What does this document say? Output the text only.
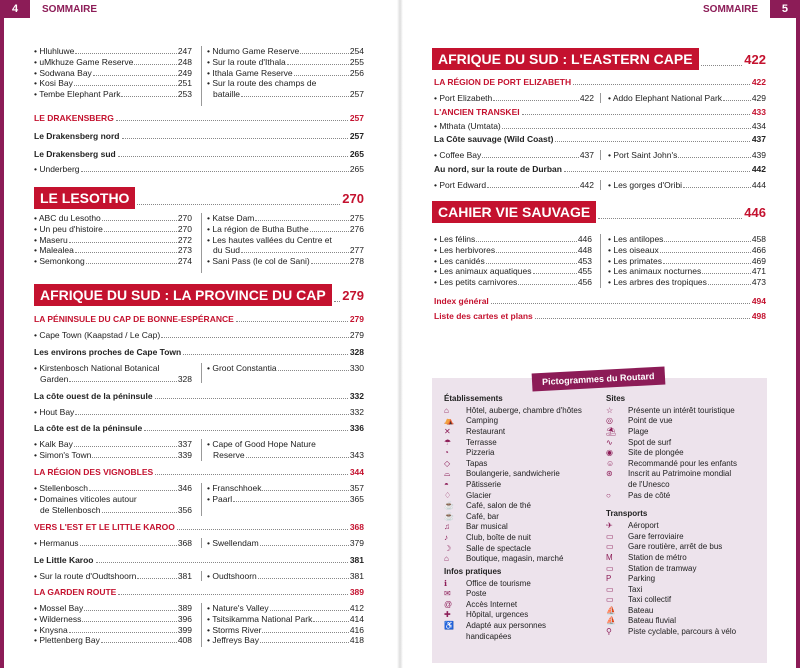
4 SOMMAIRE	5
SOMMAIRE
• Hluhluwe	247
• uMkhuze Game Reserve	248
• Sodwana Bay	249
• Kosi Bay	251
• Tembe Elephant Park	253
• Ndumo Game Reserve	254
• Sur la route d'Ithala	255
• Ithala Game Reserve	256
• Sur la route des champs de
bataille	257
LE DRAKENSBERG	257
Le Drakensberg nord	257
Le Drakensberg sud	265
• Underberg	265
LE LESOTHO	270
• ABC du Lesotho	270
• Un peu d'histoire	270
• Maseru	272
• Malealea	273
• Semonkong	274
• Katse Dam	275
• La région de Butha Buthe	276
• Les hautes vallées du Centre et
du Sud	277
• Sani Pass (le col de Sani)	278
AFRIQUE DU SUD : LA PROVINCE DU CAP	279
LA PÉNINSULE DU CAP DE BONNE-ESPÉRANCE	279
• Cape Town (Kaapstad / Le Cap)	279
Les environs proches de Cape Town	328
• Kirstenbosch National Botanical
Garden	328
• Groot Constantia	330
La côte ouest de la péninsule	332
• Hout Bay	332
La côte est de la péninsule	336
• Kalk Bay	337
• Simon's Town	339
• Cape of Good Hope Nature
Reserve	343
LA RÉGION DES VIGNOBLES	344
• Stellenbosch	346
• Domaines viticoles autour
de Stellenbosch	356
• Franschhoek	357
• Paarl	365
VERS L'EST ET LE LITTLE KAROO	368
• Hermanus	368	• Swellendam	379
Le Little Karoo	381
• Sur la route d'Oudtshoorn	381	• Oudtshoorn	381
LA GARDEN ROUTE	389
• Mossel Bay	389
• Wilderness	396
• Knysna	399
• Plettenberg Bay	408
• Nature's Valley	412
• Tsitsikamma National Park	414
• Storms River	416
• Jeffreys Bay	418
AFRIQUE DU SUD : L'EASTERN CAPE	422
LA RÉGION DE PORT ELIZABETH	422
• Port Elizabeth	422	• Addo Elephant National Park	429
L'ANCIEN TRANSKEI	433
• Mthata (Umtata)	434
La Côte sauvage (Wild Coast)	437
• Coffee Bay	437	• Port Saint John's	439
Au nord, sur la route de Durban	442
• Port Edward	442	• Les gorges d'Oribi	444
CAHIER VIE SAUVAGE	446
• Les félins	446
• Les herbivores	448
• Les canidés	453
• Les animaux aquatiques	455
• Les petits carnivores	456
• Les antilopes	458
• Les oiseaux	466
• Les primates	469
• Les animaux nocturnes	471
• Les arbres des tropiques	473
Index général	494
Liste des cartes et plans	498
Pictogrammes du Routard
Établissements
⌂	Hôtel, auberge, chambre d'hôtes
⛺	Camping
✕	Restaurant
☂	Terrasse
◔	Pizzeria
◇	Tapas
⌓	Boulangerie, sandwicherie
◓	Pâtisserie
♢	Glacier
☕	Café, salon de thé
☕	Café, bar
♫	Bar musical
♪	Club, boîte de nuit
☽	Salle de spectacle
⌂	Boutique, magasin, marché
Infos pratiques
ℹ	Office de tourisme
✉	Poste
@	Accès Internet
✚	Hôpital, urgences
♿	Adapté aux personnes
handicapées
Sites
☆	Présente un intérêt touristique
◎	Point de vue
⛱	Plage
∿	Spot de surf
◉	Site de plongée
☺	Recommandé pour les enfants
⊛	Inscrit au Patrimoine mondial
de l'Unesco
○	Pas de côté
Transports
✈	Aéroport
▭	Gare ferroviaire
▭	Gare routière, arrêt de bus
M	Station de métro
▭	Station de tramway
P	Parking
▭	Taxi
▭	Taxi collectif
⛵	Bateau
⛵	Bateau fluvial
⚲	Piste cyclable, parcours à vélo
